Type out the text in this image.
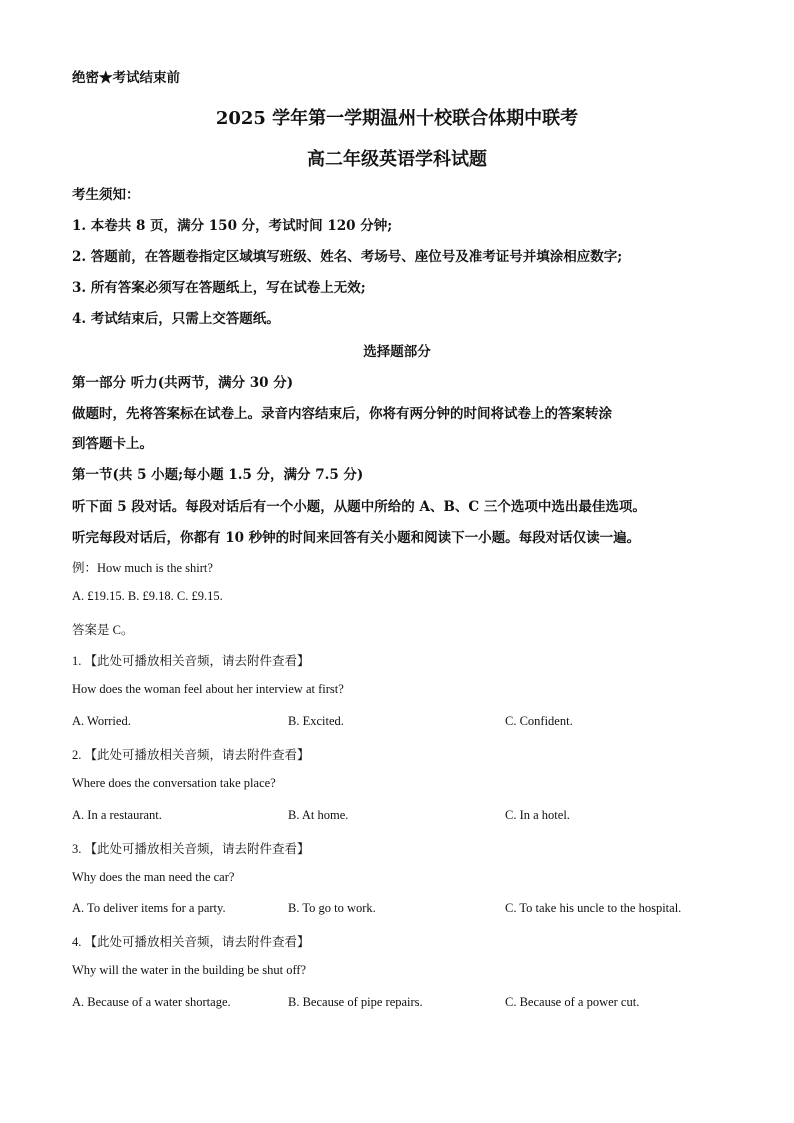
绝密★考试结束前
2025 学年第一学期温州十校联合体期中联考
高二年级英语学科试题
考生须知：
1. 本卷共 8 页，满分 150 分，考试时间 120 分钟;
2. 答题前，在答题卷指定区域填写班级、姓名、考场号、座位号及准考证号并填涂相应数字;
3. 所有答案必须写在答题纸上，写在试卷上无效;
4. 考试结束后，只需上交答题纸。
选择题部分
第一部分 听力(共两节，满分 30 分)
做题时，先将答案标在试卷上。录音内容结束后，你将有两分钟的时间将试卷上的答案转涂
到答题卡上。
第一节(共 5 小题;每小题 1.5 分，满分 7.5 分)
听下面 5 段对话。每段对话后有一个小题，从题中所给的 A、B、C 三个选项中选出最佳选项。
听完每段对话后，你都有 10 秒钟的时间来回答有关小题和阅读下一小题。每段对话仅读一遍。
例：How much is the shirt?
A. £19.15. B. £9.18. C. £9.15.
答案是 C。
1. 【此处可播放相关音频，请去附件查看】
How does the woman feel about her interview at first?
A. Worried.	B. Excited.	C. Confident.
2. 【此处可播放相关音频，请去附件查看】
Where does the conversation take place?
A. In a restaurant.	B. At home.	C. In a hotel.
3. 【此处可播放相关音频，请去附件查看】
Why does the man need the car?
A. To deliver items for a party.	B. To go to work.	C. To take his uncle to the hospital.
4. 【此处可播放相关音频，请去附件查看】
Why will the water in the building be shut off?
A. Because of a water shortage.	B. Because of pipe repairs.	C. Because of a power cut.
